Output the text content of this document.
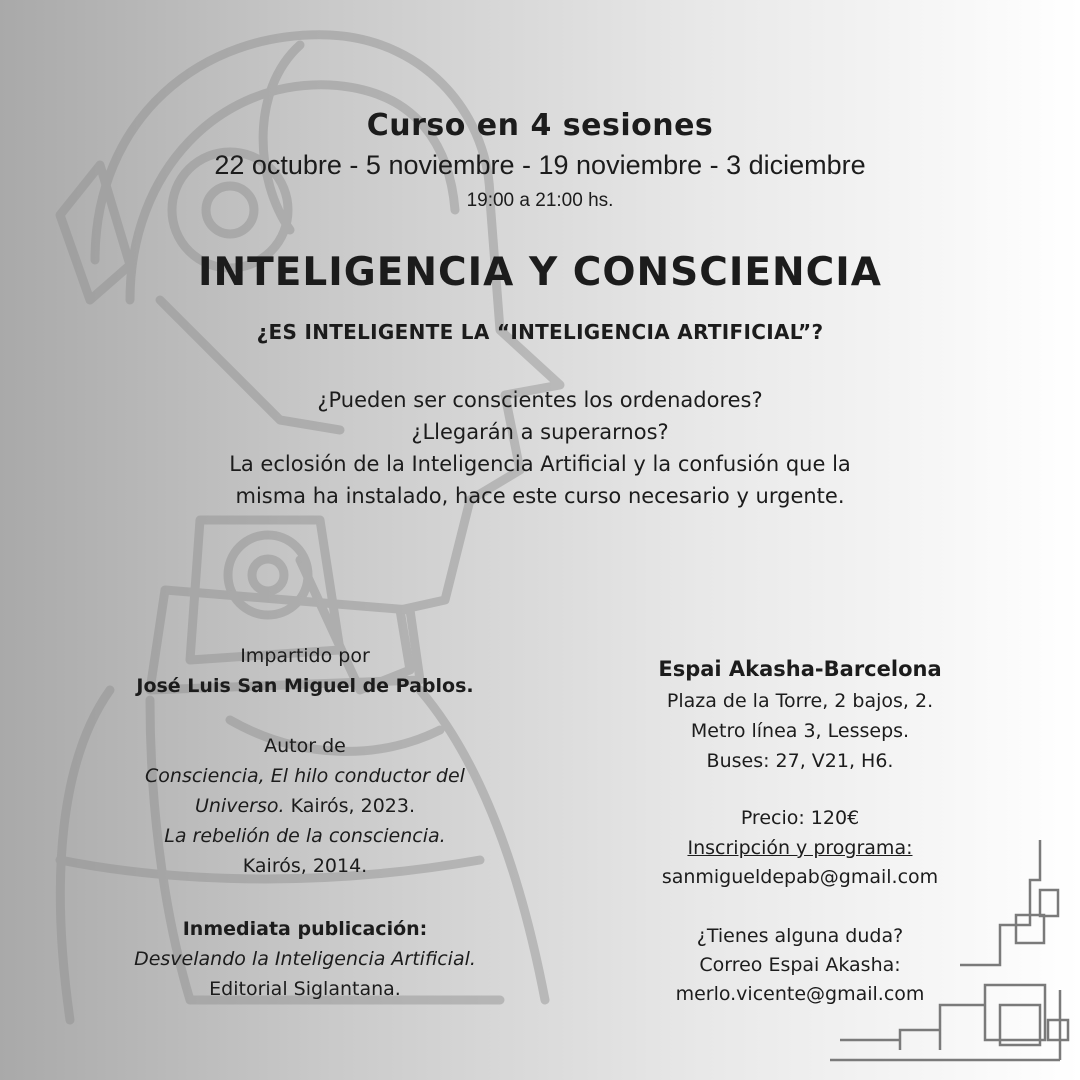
Curso en 4 sesiones
22 octubre - 5 noviembre - 19 noviembre - 3 diciembre
19:00 a 21:00 hs.
INTELIGENCIA Y CONSCIENCIA
¿ES INTELIGENTE LA “INTELIGENCIA ARTIFICIAL”?
¿Pueden ser conscientes los ordenadores?
¿Llegarán a superarnos?
La eclosión de la Inteligencia Artificial y la confusión que la
misma ha instalado, hace este curso necesario y urgente.
Impartido por
José Luis San Miguel de Pablos.
Autor de
Consciencia, El hilo conductor del
Universo. Kairós, 2023.
La rebelión de la consciencia.
Kairós, 2014.
Inmediata publicación:
Desvelando la Inteligencia Artificial.
Editorial Siglantana.
Espai Akasha-Barcelona
Plaza de la Torre, 2 bajos, 2.
Metro línea 3, Lesseps.
Buses: 27, V21, H6.
Precio: 120€
Inscripción y programa:
sanmigueldepab@gmail.com
¿Tienes alguna duda?
Correo Espai Akasha:
merlo.vicente@gmail.com
